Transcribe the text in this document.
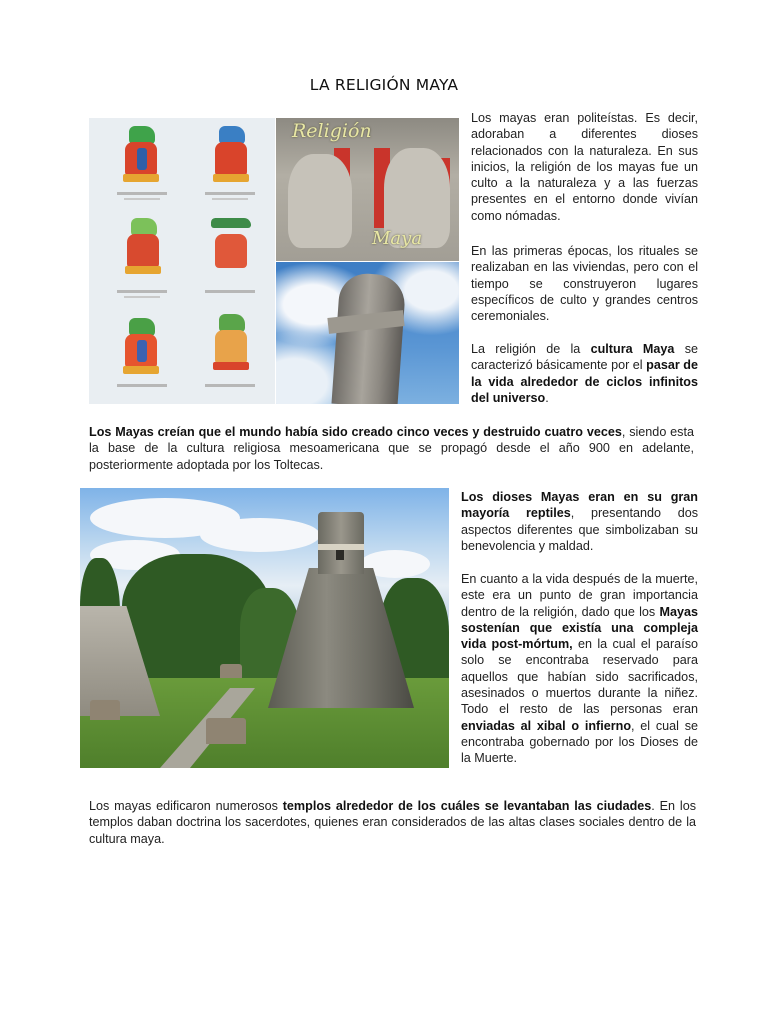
LA RELIGIÓN MAYA
Religión
Maya
Los mayas eran politeístas. Es decir, adoraban a diferentes dioses relacionados con la naturaleza. En sus inicios, la religión de los mayas fue un culto a la naturaleza y a las fuerzas presentes en el entorno donde vivían como nómadas.
En las primeras épocas, los rituales se realizaban en las viviendas, pero con el tiempo se construyeron lugares específicos de culto y grandes centros ceremoniales.
La religión de la cultura Maya se caracterizó básicamente por el pasar de la vida alrededor de ciclos infinitos del universo.
Los Mayas creían que el mundo había sido creado cinco veces y destruido cuatro veces, siendo esta la base de la cultura religiosa mesoamericana que se propagó desde el año 900 en adelante, posteriormente adoptada por los Toltecas.
Los dioses Mayas eran en su gran mayoría reptiles, presentando dos aspectos diferentes que simbolizaban su benevolencia y maldad.
En cuanto a la vida después de la muerte, este era un punto de gran importancia dentro de la religión, dado que los Mayas sostenían que existía una compleja vida post-mórtum, en la cual el paraíso solo se encontraba reservado para aquellos que habían sido sacrificados, asesinados o muertos durante la niñez. Todo el resto de las personas eran enviadas al xibal o infierno, el cual se encontraba gobernado por los Dioses de la Muerte.
Los mayas edificaron numerosos templos alrededor de los cuáles se levantaban las ciudades. En los templos daban doctrina los sacerdotes, quienes eran considerados de las altas clases sociales dentro de la cultura maya.
